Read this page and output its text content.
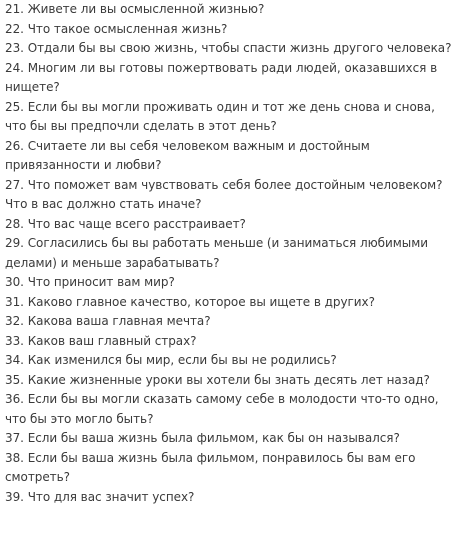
21. Живете ли вы осмысленной жизнью?

22. Что такое осмысленная жизнь?

23. Отдали бы вы свою жизнь, чтобы спасти жизнь другого человека?

24. Многим ли вы готовы пожертвовать ради людей, оказавшихся в нищете?

25. Если бы вы могли проживать один и тот же день снова и снова, что бы вы предпочли сделать в этот день?

26. Считаете ли вы себя человеком важным и достойным привязанности и любви?

27. Что поможет вам чувствовать себя более достойным человеком? Что в вас должно стать иначе?

28. Что вас чаще всего расстраивает?

29. Согласились бы вы работать меньше (и заниматься любимыми делами) и меньше зарабатывать?

30. Что приносит вам мир?

31. Каково главное качество, которое вы ищете в других?

32. Какова ваша главная мечта?

33. Каков ваш главный страх?

34. Как изменился бы мир, если бы вы не родились?

35. Какие жизненные уроки вы хотели бы знать десять лет назад?

36. Если бы вы могли сказать самому себе в молодости что-то одно, что бы это могло быть?

37. Если бы ваша жизнь была фильмом, как бы он назывался?

38. Если бы ваша жизнь была фильмом, понравилось бы вам его смотреть?

39. Что для вас значит успех?
